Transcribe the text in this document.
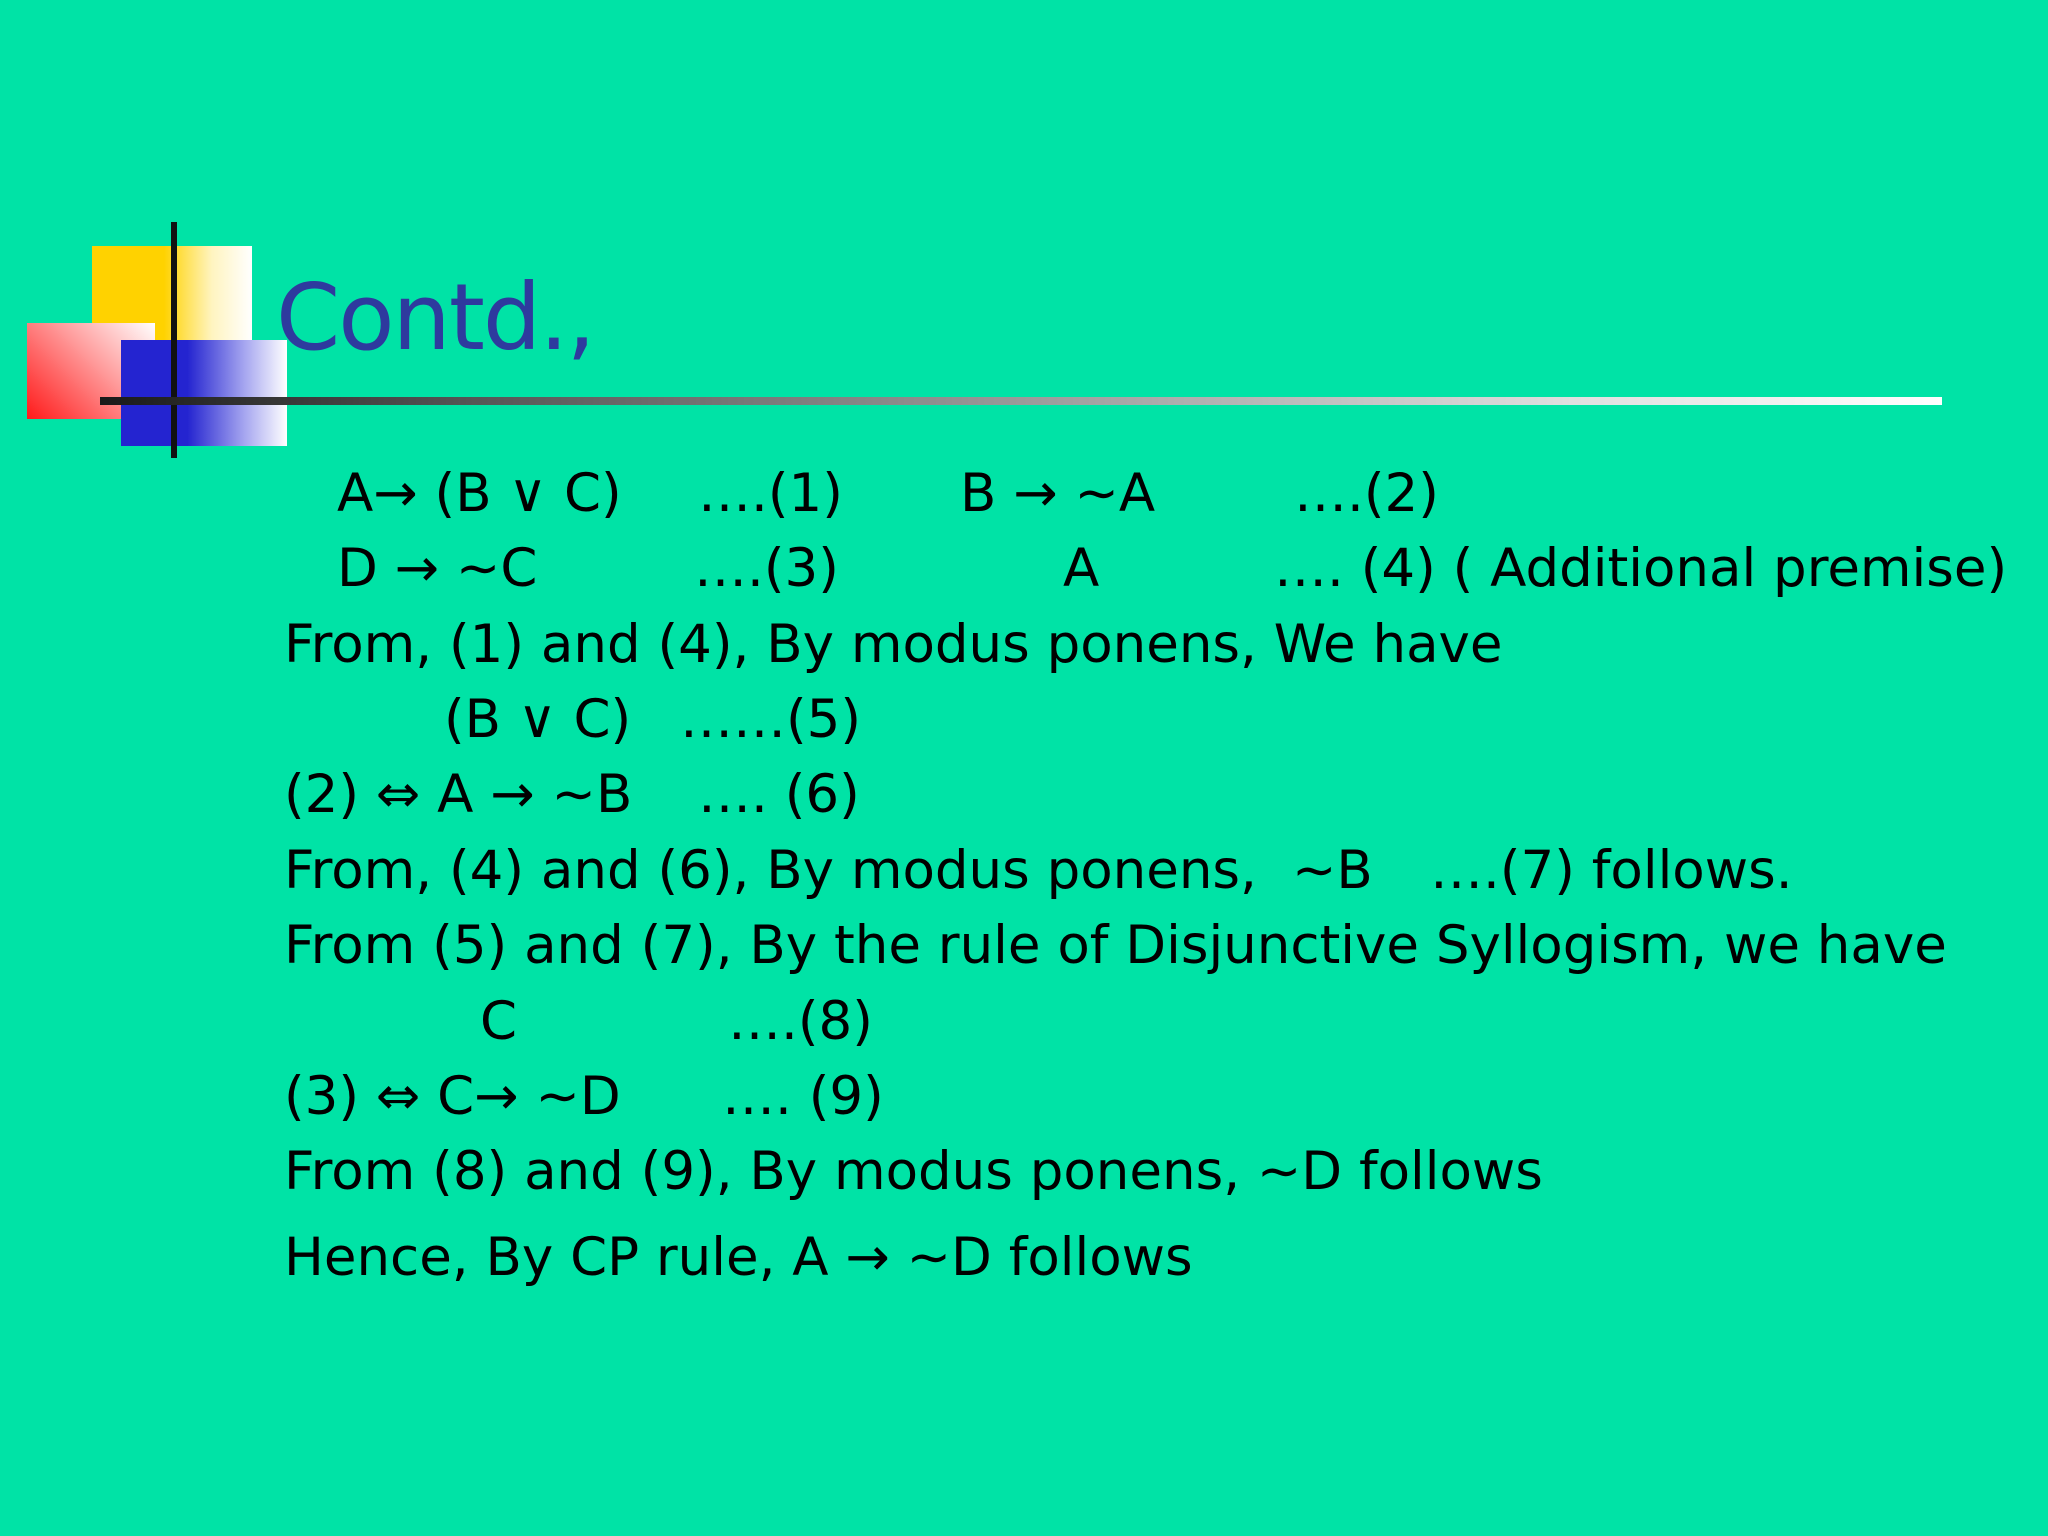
Contd.,
A→ (B ∨ C) ….(1) B → ∼A	….(2)
D → ∼C	….(3)	A	…. (4) ( Additional premise)
From, (1) and (4), By modus ponens, We have
(B ∨ C) ……(5)
(2) ⇔ A → ∼B …. (6)
From, (4) and (6), By modus ponens, ∼B ….(7) follows.
From (5) and (7), By the rule of Disjunctive Syllogism, we have
C	….(8)
(3) ⇔ C→ ∼D …. (9)
From (8) and (9), By modus ponens, ∼D follows
Hence, By CP rule, A → ∼D follows
